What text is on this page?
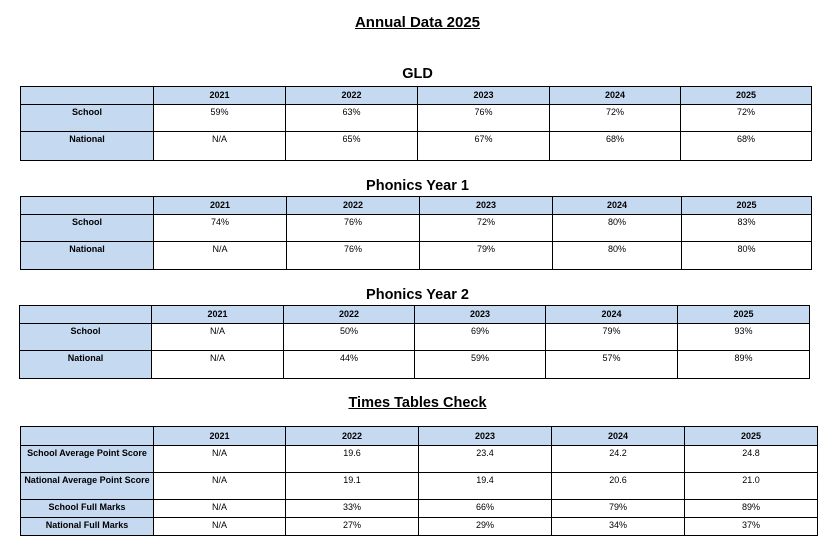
Annual Data 2025
GLD
	2021	2022	2023	2024	2025
School	59%	63%	76%	72%	72%
National	N/A	65%	67%	68%	68%
Phonics Year 1
	2021	2022	2023	2024	2025
School	74%	76%	72%	80%	83%
National	N/A	76%	79%	80%	80%
Phonics Year 2
	2021	2022	2023	2024	2025
School	N/A	50%	69%	79%	93%
National	N/A	44%	59%	57%	89%
Times Tables Check
	2021	2022	2023	2024	2025
School Average Point Score	N/A	19.6	23.4	24.2	24.8
National Average Point Score	N/A	19.1	19.4	20.6	21.0
School Full Marks	N/A	33%	66%	79%	89%
National Full Marks	N/A	27%	29%	34%	37%
